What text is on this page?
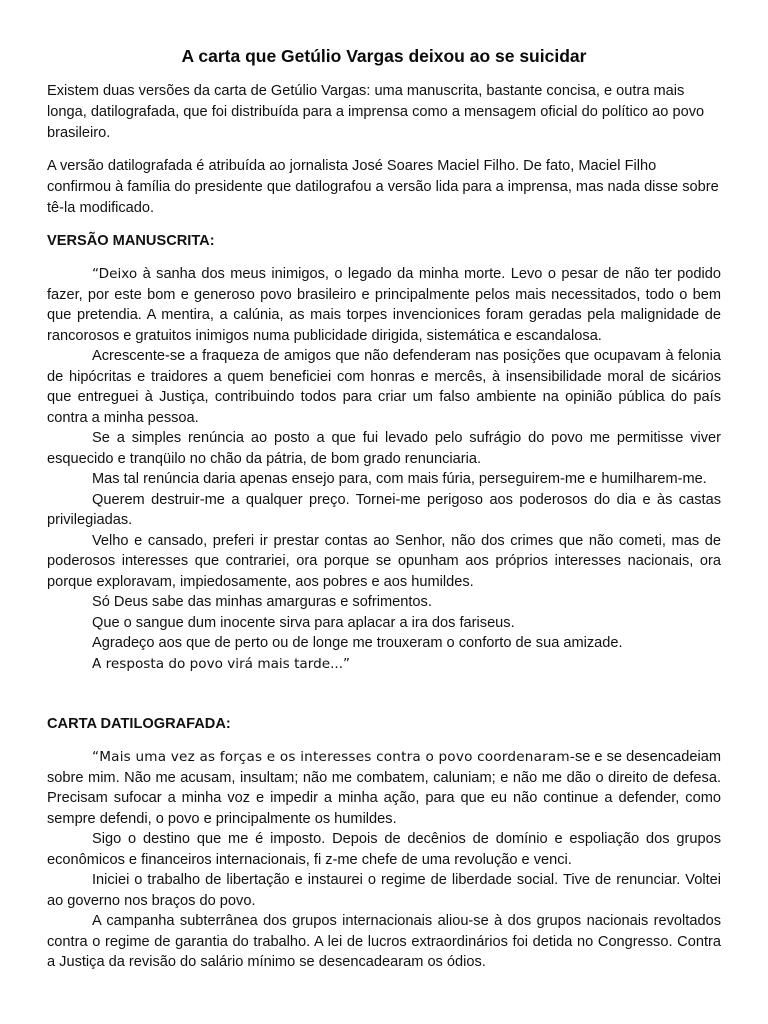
A carta que Getúlio Vargas deixou ao se suicidar

Existem duas versões da carta de Getúlio Vargas: uma manuscrita, bastante concisa, e outra mais longa, datilografada, que foi distribuída para a imprensa como a mensagem oficial do político ao povo brasileiro.

A versão datilografada é atribuída ao jornalista José Soares Maciel Filho. De fato, Maciel Filho confirmou à família do presidente que datilografou a versão lida para a imprensa, mas nada disse sobre tê-la modificado.

VERSÃO MANUSCRITA:

“Deixo à sanha dos meus inimigos, o legado da minha morte. Levo o pesar de não ter podido fazer, por este bom e generoso povo brasileiro e principalmente pelos mais necessitados, todo o bem que pretendia. A mentira, a calúnia, as mais torpes invencionices foram geradas pela malignidade de rancorosos e gratuitos inimigos numa publicidade dirigida, sistemática e escandalosa.

Acrescente-se a fraqueza de amigos que não defenderam nas posições que ocupavam à felonia de hipócritas e traidores a quem beneficiei com honras e mercês, à insensibilidade moral de sicários que entreguei à Justiça, contribuindo todos para criar um falso ambiente na opinião pública do país contra a minha pessoa.

Se a simples renúncia ao posto a que fui levado pelo sufrágio do povo me permitisse viver esquecido e tranqüilo no chão da pátria, de bom grado renunciaria.

Mas tal renúncia daria apenas ensejo para, com mais fúria, perseguirem-me e humilharem-me.

Querem destruir-me a qualquer preço. Tornei-me perigoso aos poderosos do dia e às castas privilegiadas.

Velho e cansado, preferi ir prestar contas ao Senhor, não dos crimes que não cometi, mas de poderosos interesses que contrariei, ora porque se opunham aos próprios interesses nacionais, ora porque exploravam, impiedosamente, aos pobres e aos humildes.

Só Deus sabe das minhas amarguras e sofrimentos.

Que o sangue dum inocente sirva para aplacar a ira dos fariseus.

Agradeço aos que de perto ou de longe me trouxeram o conforto de sua amizade.

A resposta do povo virá mais tarde...”

CARTA DATILOGRAFADA:

“Mais uma vez as forças e os interesses contra o povo coordenaram-se e se desencadeiam sobre mim. Não me acusam, insultam; não me combatem, caluniam; e não me dão o direito de defesa. Precisam sufocar a minha voz e impedir a minha ação, para que eu não continue a defender, como sempre defendi, o povo e principalmente os humildes.

Sigo o destino que me é imposto. Depois de decênios de domínio e espoliação dos grupos econômicos e financeiros internacionais, fi z-me chefe de uma revolução e venci.

Iniciei o trabalho de libertação e instaurei o regime de liberdade social. Tive de renunciar. Voltei ao governo nos braços do povo.

A campanha subterrânea dos grupos internacionais aliou-se à dos grupos nacionais revoltados contra o regime de garantia do trabalho. A lei de lucros extraordinários foi detida no Congresso. Contra a Justiça da revisão do salário mínimo se desencadearam os ódios.
